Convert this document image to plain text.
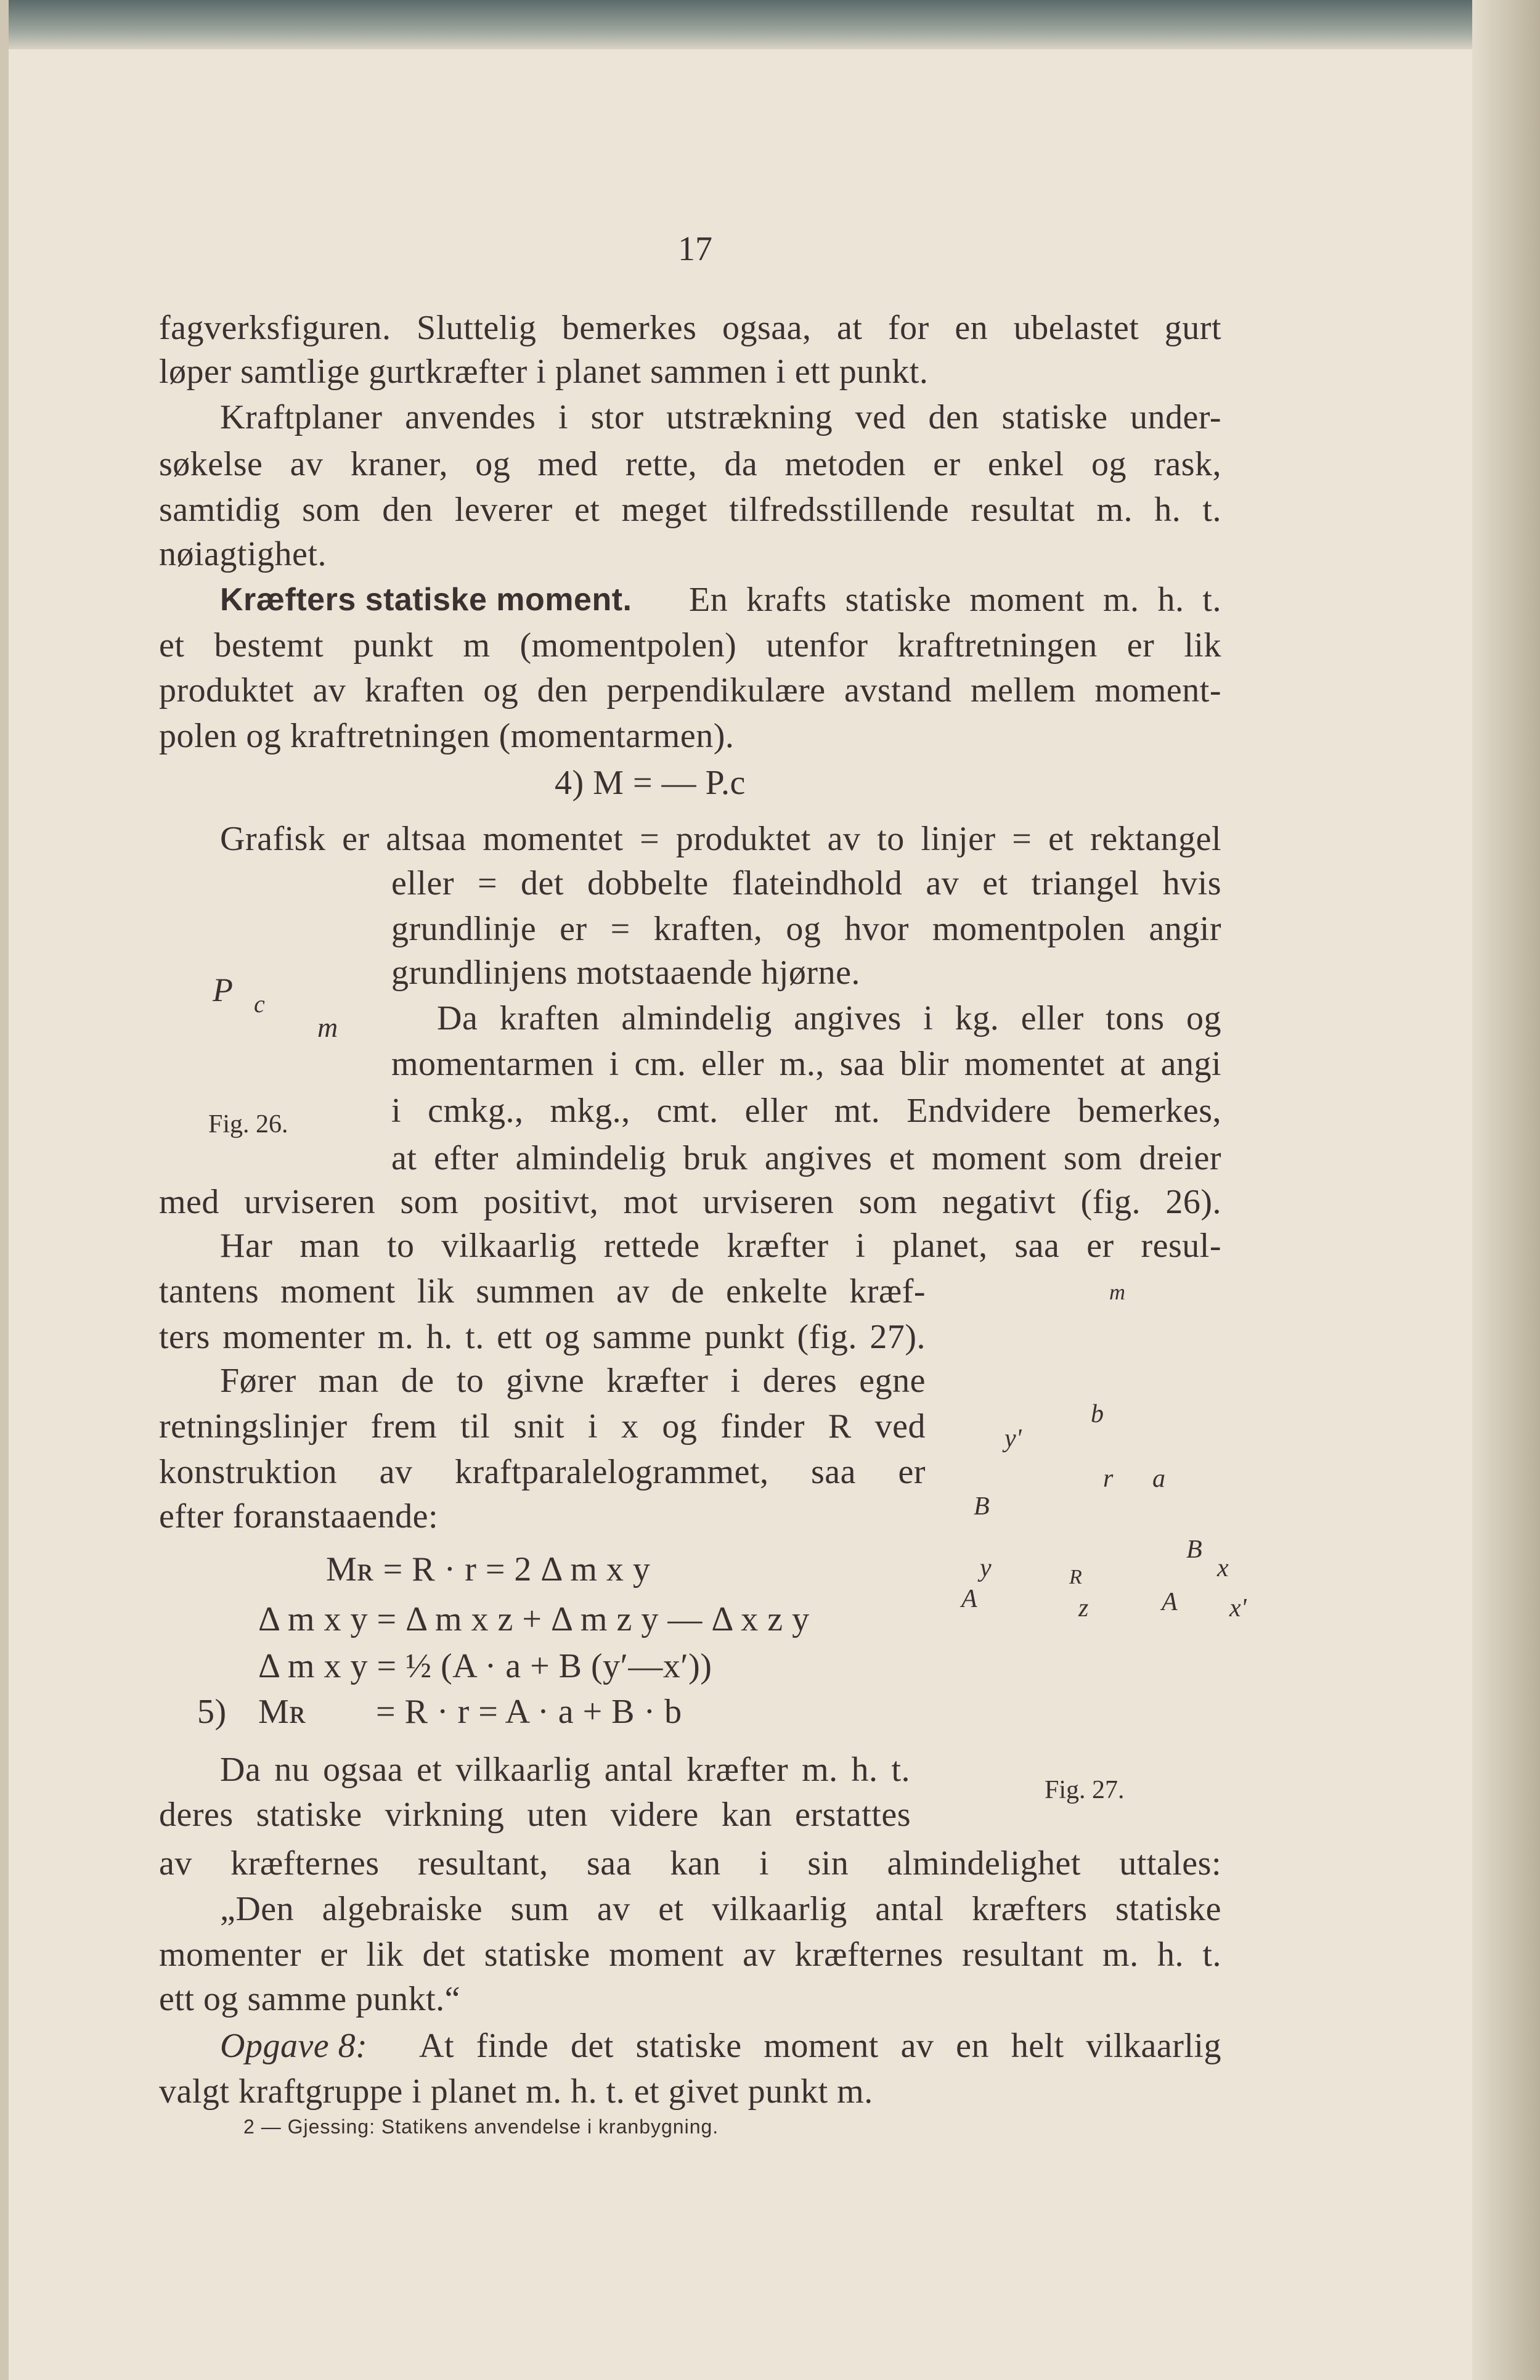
17
fagverksfiguren. Sluttelig bemerkes ogsaa, at for en ubelastet gurt
løper samtlige gurtkræfter i planet sammen i ett punkt.
Kraftplaner anvendes i stor utstrækning ved den statiske under-
søkelse av kraner, og med rette, da metoden er enkel og rask,
samtidig som den leverer et meget tilfredsstillende resultat m. h. t.
nøiagtighet.
Kræfters statiske moment. En krafts statiske moment m. h. t.
et bestemt punkt m (momentpolen) utenfor kraftretningen er lik
produktet av kraften og den perpendikulære avstand mellem moment-
polen og kraftretningen (momentarmen).
4) M = — P.c
Grafisk er altsaa momentet = produktet av to linjer = et rektangel
eller = det dobbelte flateindhold av et triangel hvis
grundlinje er = kraften, og hvor momentpolen angir
grundlinjens motstaaende hjørne.
Da kraften almindelig angives i kg. eller tons og
momentarmen i cm. eller m., saa blir momentet at angi
i cmkg., mkg., cmt. eller mt. Endvidere bemerkes,
at efter almindelig bruk angives et moment som dreier
med urviseren som positivt, mot urviseren som negativt (fig. 26).
Har man to vilkaarlig rettede kræfter i planet, saa er resul-
tantens moment lik summen av de enkelte kræf-
ters momenter m. h. t. ett og samme punkt (fig. 27).
Fører man de to givne kræfter i deres egne
retningslinjer frem til snit i x og finder R ved
konstruktion av kraftparalelogrammet, saa er
efter foranstaaende:
Mʀ = R · r = 2 Δ m x y
Δ m x y = Δ m x z + Δ m z y — Δ x z y
Δ m x y = ½ (A · a + B (y′—x′))
5) Mʀ = R · r = A · a + B · b
Da nu ogsaa et vilkaarlig antal kræfter m. h. t.
deres statiske virkning uten videre kan erstattes
av kræfternes resultant, saa kan i sin almindelighet uttales:
„Den algebraiske sum av et vilkaarlig antal kræfters statiske
momenter er lik det statiske moment av kræfternes resultant m. h. t.
ett og samme punkt.“
Opgave 8: At finde det statiske moment av en helt vilkaarlig
valgt kraftgruppe i planet m. h. t. et givet punkt m.
P c
m
Fig. 26.
m
y'
b
r a
B
B
y	R	x
z
A	A x'
Fig. 27.
2 — Gjessing: Statikens anvendelse i kranbygning.
